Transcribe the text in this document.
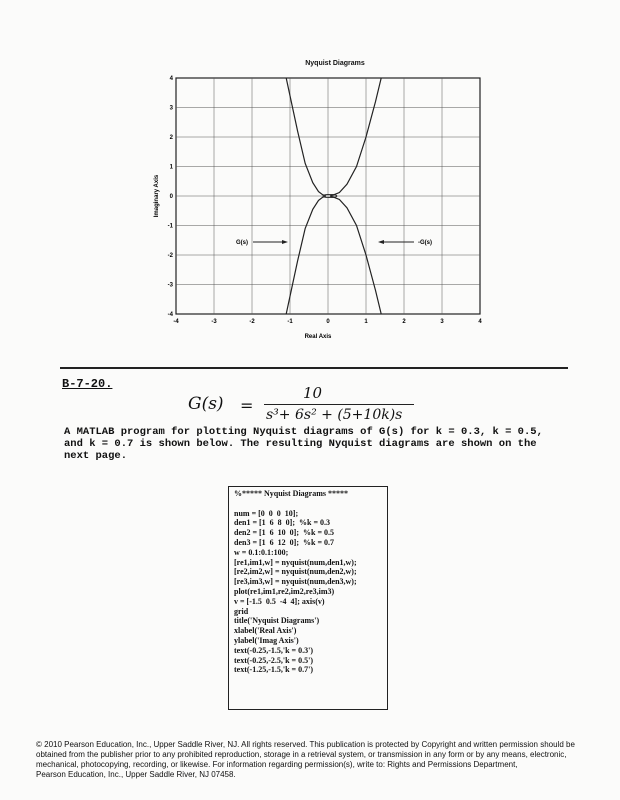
Nyquist Diagrams
-4	-3	-2	-1	0	1	2	3	4
4
3
2
1
0
-1
-2
-3
-4
Real Axis
Imaginary Axis
G(s)	-G(s)
B-7-20.
G(s) =
10
s³+ 6s² + (5+10k)s
A MATLAB program for plotting Nyquist diagrams of G(s) for k = 0.3, k = 0.5, and k = 0.7 is shown below. The resulting Nyquist diagrams are shown on the next page.
%***** Nyquist Diagrams *****

num = [0  0  0  10];
den1 = [1  6  8  0];  %k = 0.3
den2 = [1  6  10  0];  %k = 0.5
den3 = [1  6  12  0];  %k = 0.7
w = 0.1:0.1:100;
[re1,im1,w] = nyquist(num,den1,w);
[re2,im2,w] = nyquist(num,den2,w);
[re3,im3,w] = nyquist(num,den3,w);
plot(re1,im1,re2,im2,re3,im3)
v = [-1.5  0.5  -4  4]; axis(v)
grid
title('Nyquist Diagrams')
xlabel('Real Axis')
ylabel('Imag Axis')
text(-0.25,-1.5,'k = 0.3')
text(-0.25,-2.5,'k = 0.5')
text(-1.25,-1.5,'k = 0.7')
© 2010 Pearson Education, Inc., Upper Saddle River, NJ. All rights reserved. This publication is protected by Copyright and written permission should be
obtained from the publisher prior to any prohibited reproduction, storage in a retrieval system, or transmission in any form or by any means, electronic,
mechanical, photocopying, recording, or likewise. For information regarding permission(s), write to: Rights and Permissions Department,
Pearson Education, Inc., Upper Saddle River, NJ 07458.
